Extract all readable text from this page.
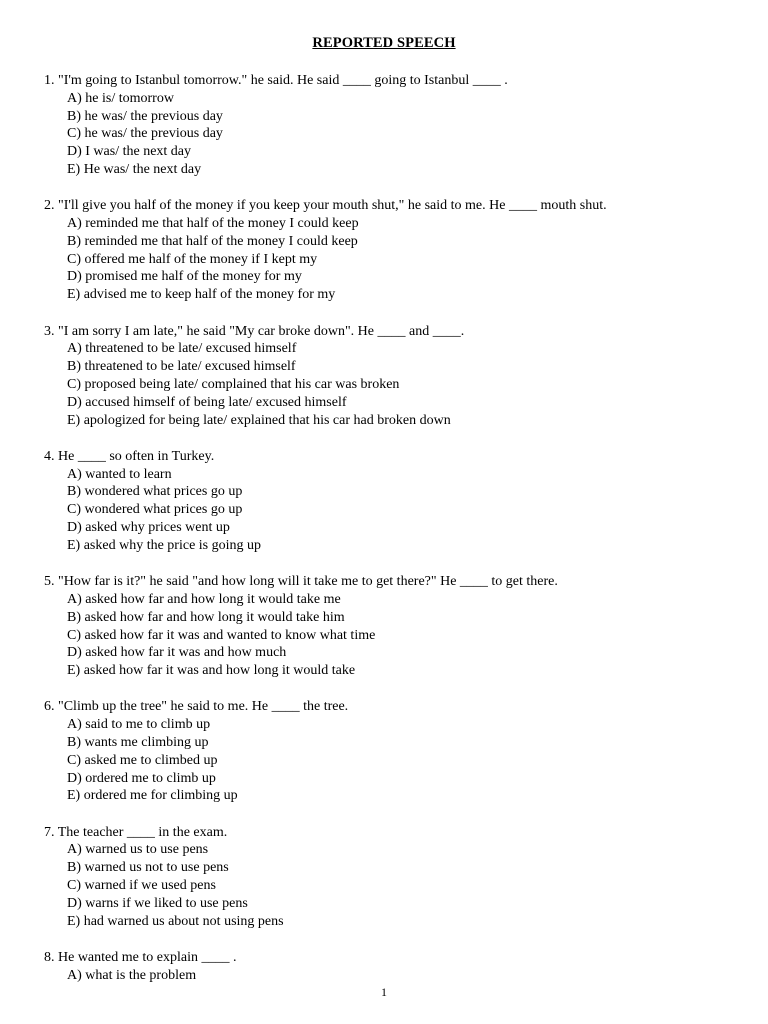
REPORTED SPEECH
1. "I'm going to Istanbul tomorrow." he said. He said ____ going to Istanbul ____ .
A) he is/ tomorrow
B) he was/ the previous day
C) he was/ the previous day
D) I was/ the next day
E) He was/ the next day
2. "I'll give you half of the money if you keep your mouth shut," he said to me. He ____ mouth shut.
A) reminded me that half of the money I could keep
B) reminded me that half of the money I could keep
C) offered me half of the money if I kept my
D) promised me half of the money for my
E) advised me to keep half of the money for my
3. "I am sorry I am late," he said "My car broke down". He ____ and ____.
A) threatened to be late/ excused himself
B) threatened to be late/ excused himself
C) proposed being late/ complained that his car was broken
D) accused himself of being late/ excused himself
E) apologized for being late/ explained that his car had broken down
4. He ____ so often in Turkey.
A) wanted to learn
B) wondered what prices go up
C) wondered what prices go up
D) asked why prices went up
E) asked why the price is going up
5. "How far is it?" he said "and how long will it take me to get there?" He ____ to get there.
A) asked how far and how long it would take me
B) asked how far and how long it would take him
C) asked how far it was and wanted to know what time
D) asked how far it was and how much
E) asked how far it was and how long it would take
6. "Climb up the tree" he said to me. He ____ the tree.
A) said to me to climb up
B) wants me climbing up
C) asked me to climbed up
D) ordered me to climb up
E) ordered me for climbing up
7. The teacher ____ in the exam.
A) warned us to use pens
B) warned us not to use pens
C) warned if we used pens
D) warns if we liked to use pens
E) had warned us about not using pens
8. He wanted me to explain ____ .
A) what is the problem
1
